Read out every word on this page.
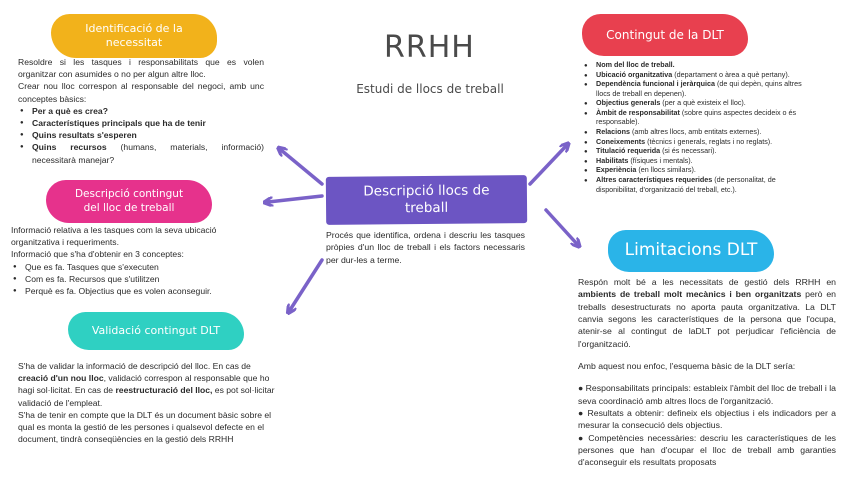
RRHH
Estudi de llocs de treball
Descripció llocs de treball
Procés que identifica, ordena i descriu les tasques pròpies d'un lloc de treball i els factors necessaris per dur-les a terme.
Identificació de la necessitat
Resoldre si les tasques i responsabilitats que es volen organitzar con asumides o no per algun altre lloc.
Crear nou lloc correspon al responsable del negoci, amb unc conceptes bàsics:
● Per a què es crea?
● Característiques principals que ha de tenir
● Quins resultats s'esperen
● Quins recursos (humans, materials, informació) necessitarà manejar?
Descripció contingut del lloc de treball
Informació relativa a les tasques com la seva ubicació organitzativa i requeriments.
Informació que s'ha d'obtenir en 3 conceptes:
● Que es fa. Tasques que s'executen
● Com es fa. Recursos que s'utilitzen
● Perquè es fa. Objectius que es volen aconseguir.
Validació contingut DLT
S'ha de validar la informació de descripció del lloc. En cas de creació d'un nou lloc, validació correspon al responsable que ho hagi sol·licitat. En cas de reestructuració del lloc, es pot sol·licitar validació de l'empleat.
S'ha de tenir en compte que la DLT és un document bàsic sobre el qual es monta la gestió de les persones i qualsevol defecte en el document, tindrà conseqüències en la gestió dels RRHH
Contingut de la DLT
● Nom del lloc de treball.
● Ubicació organitzativa (departament o àrea a què pertany).
● Dependència funcional i jeràrquica (de qui depèn, quins altres llocs de treball en depenen).
● Objectius generals (per a què existeix el lloc).
● Àmbit de responsabilitat (sobre quins aspectes decideix o és responsable).
● Relacions (amb altres llocs, amb entitats externes).
● Coneixements (tècnics i generals, reglats i no reglats).
● Titulació requerida (si és necessari).
● Habilitats (físiques i mentals).
● Experiència (en llocs similars).
● Altres característiques requerides (de personalitat, de disponibilitat, d'organització del treball, etc.).
Limitacions DLT
Respón molt bé a les necessitats de gestió dels RRHH en ambients de treball molt mecànics i ben organitzats però en treballs desestructurats no aporta pauta organitzativa. La DLT canvia segons les característiques de la persona que l'ocupa, atenir-se al contingut de laDLT pot perjudicar l'eficiència de l'organització.
Amb aquest nou enfoc, l'esquema bàsic de la DLT sería:
● Responsabilitats principals: estableix l'àmbit del lloc de treball i la seva coordinació amb altres llocs de l'organització.
● Resultats a obtenir: defineix els objectius i els indicadors per a mesurar la consecució dels objectius.
● Competències necessàries: descriu les característiques de les persones que han d'ocupar el lloc de treball amb garanties d'aconseguir els resultats proposats
